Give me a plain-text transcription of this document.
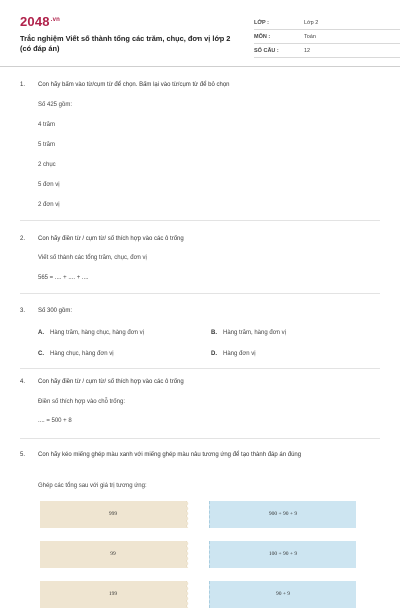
$2048^{.vn}$
Trắc nghiệm Viết số thành tổng các trăm, chục, đơn vị lớp 2 (có đáp án)
LỚP :	Lớp 2
MÔN :	Toán
SỐ CÂU :	12
1. Con hãy bấm vào từ/cụm từ để chọn. Bấm lại vào từ/cụm từ để bỏ chọn
Số 425 gồm:
4 trăm
5 trăm
2 chục
5 đơn vị
2 đơn vị
2. Con hãy điền từ / cụm từ/ số thích hợp vào các ô trống
Viết số thành các tổng trăm, chục, đơn vị
565 = .... + .... + ....
3. Số 300 gồm:
A. Hàng trăm, hàng chục, hàng đơn vị	B. Hàng trăm, hàng đơn vị
C. Hàng chục, hàng đơn vị	D. Hàng đơn vị
4. Con hãy điền từ / cụm từ/ số thích hợp vào các ô trống
Điền số thích hợp vào chỗ trống:
.... = 500 + 8
5. Con hãy kéo miếng ghép màu xanh với miếng ghép màu nâu tương ứng để tạo thành đáp án đúng
Ghép các tổng sau với giá trị tương ứng:
999	900 + 90 + 9
99	100 + 90 + 9
199	90 + 9
